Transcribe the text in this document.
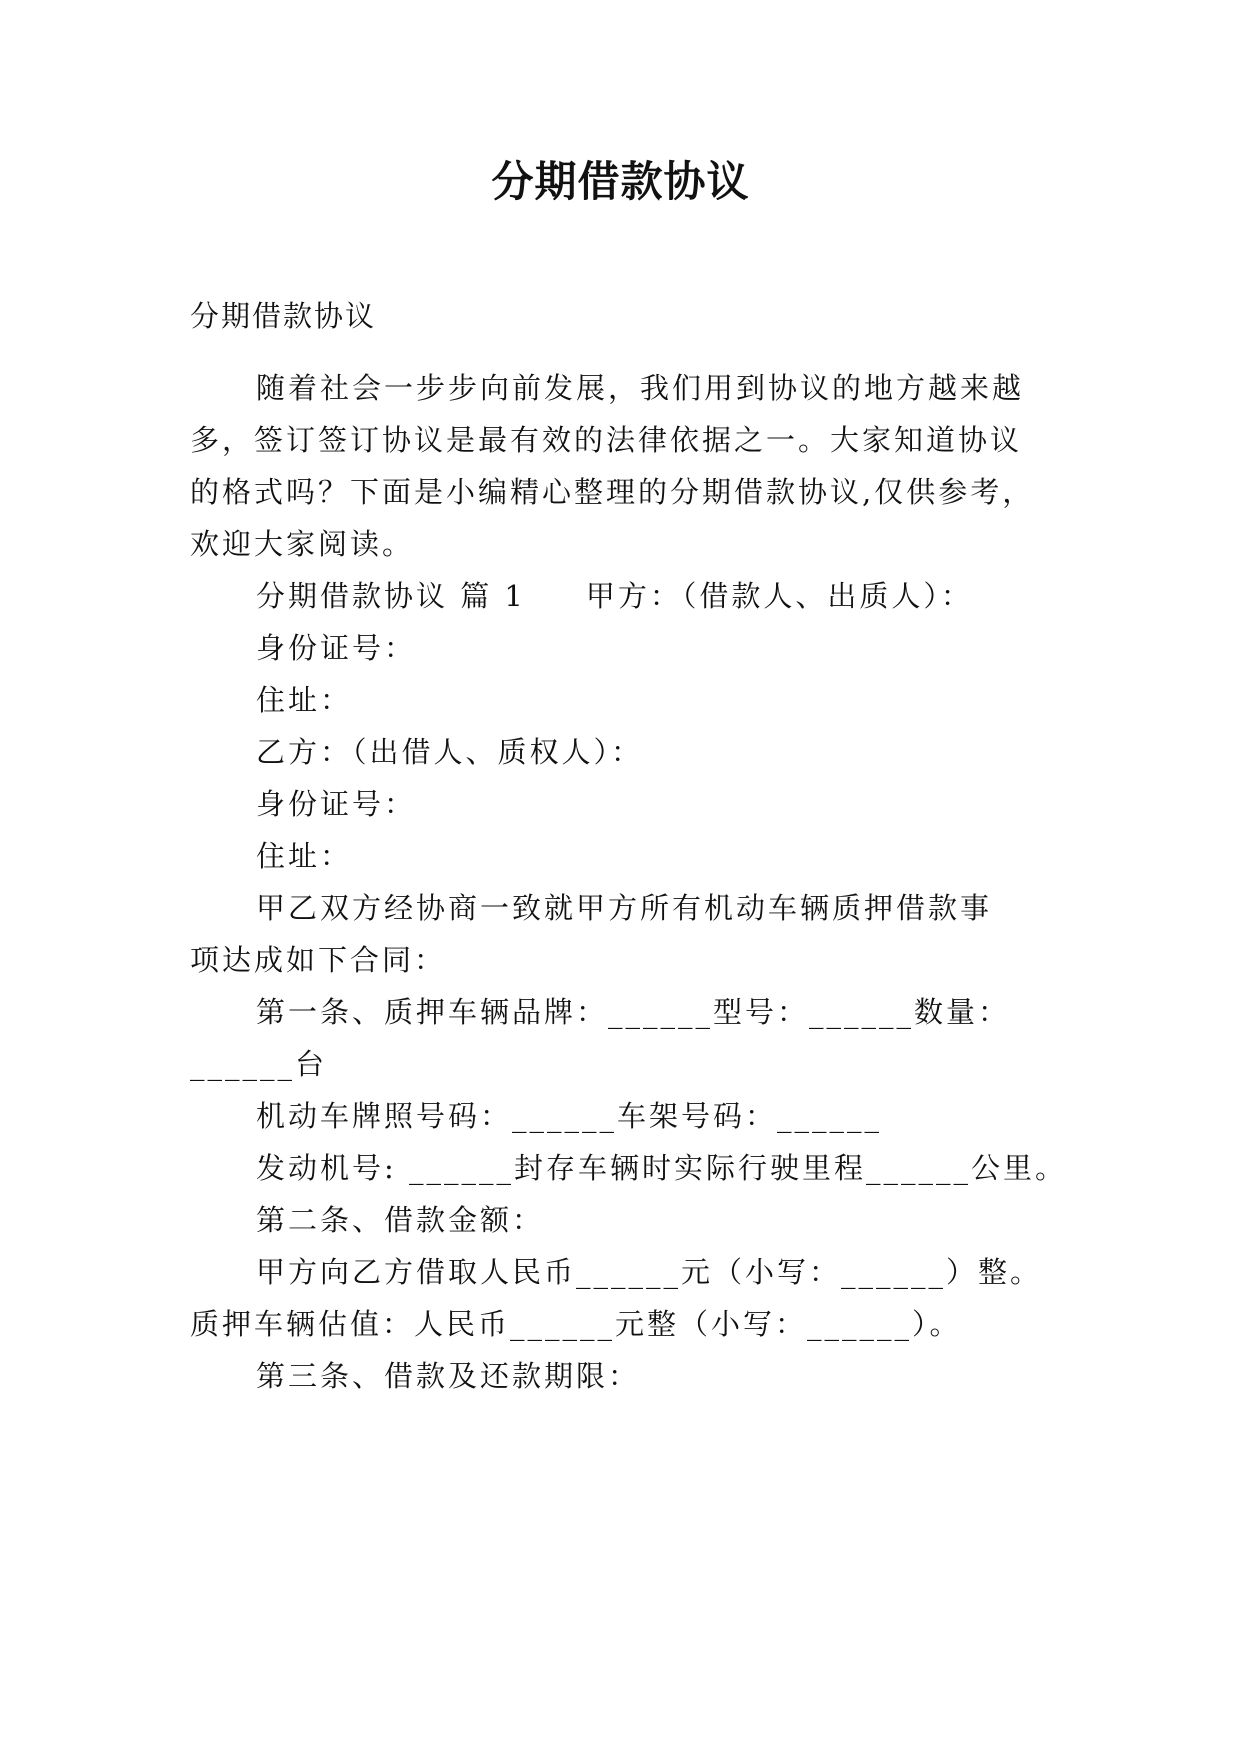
分期借款协议
分期借款协议
随着社会一步步向前发展，我们用到协议的地方越来越
多，签订签订协议是最有效的法律依据之一。大家知道协议
的格式吗？下面是小编精心整理的分期借款协议,仅供参考，
欢迎大家阅读。
分期借款协议 篇 1 甲方：（借款人、出质人）：
身份证号：
住址：
乙方：（出借人、质权人）：
身份证号：
住址：
甲乙双方经协商一致就甲方所有机动车辆质押借款事
项达成如下合同：
第一条、质押车辆品牌：______型号：______数量：
______台
机动车牌照号码：______车架号码：______
发动机号: ______封存车辆时实际行驶里程______公里。
第二条、借款金额：
甲方向乙方借取人民币______元（小写：______）整。
质押车辆估值：人民币______元整（小写：______）。
第三条、借款及还款期限：
